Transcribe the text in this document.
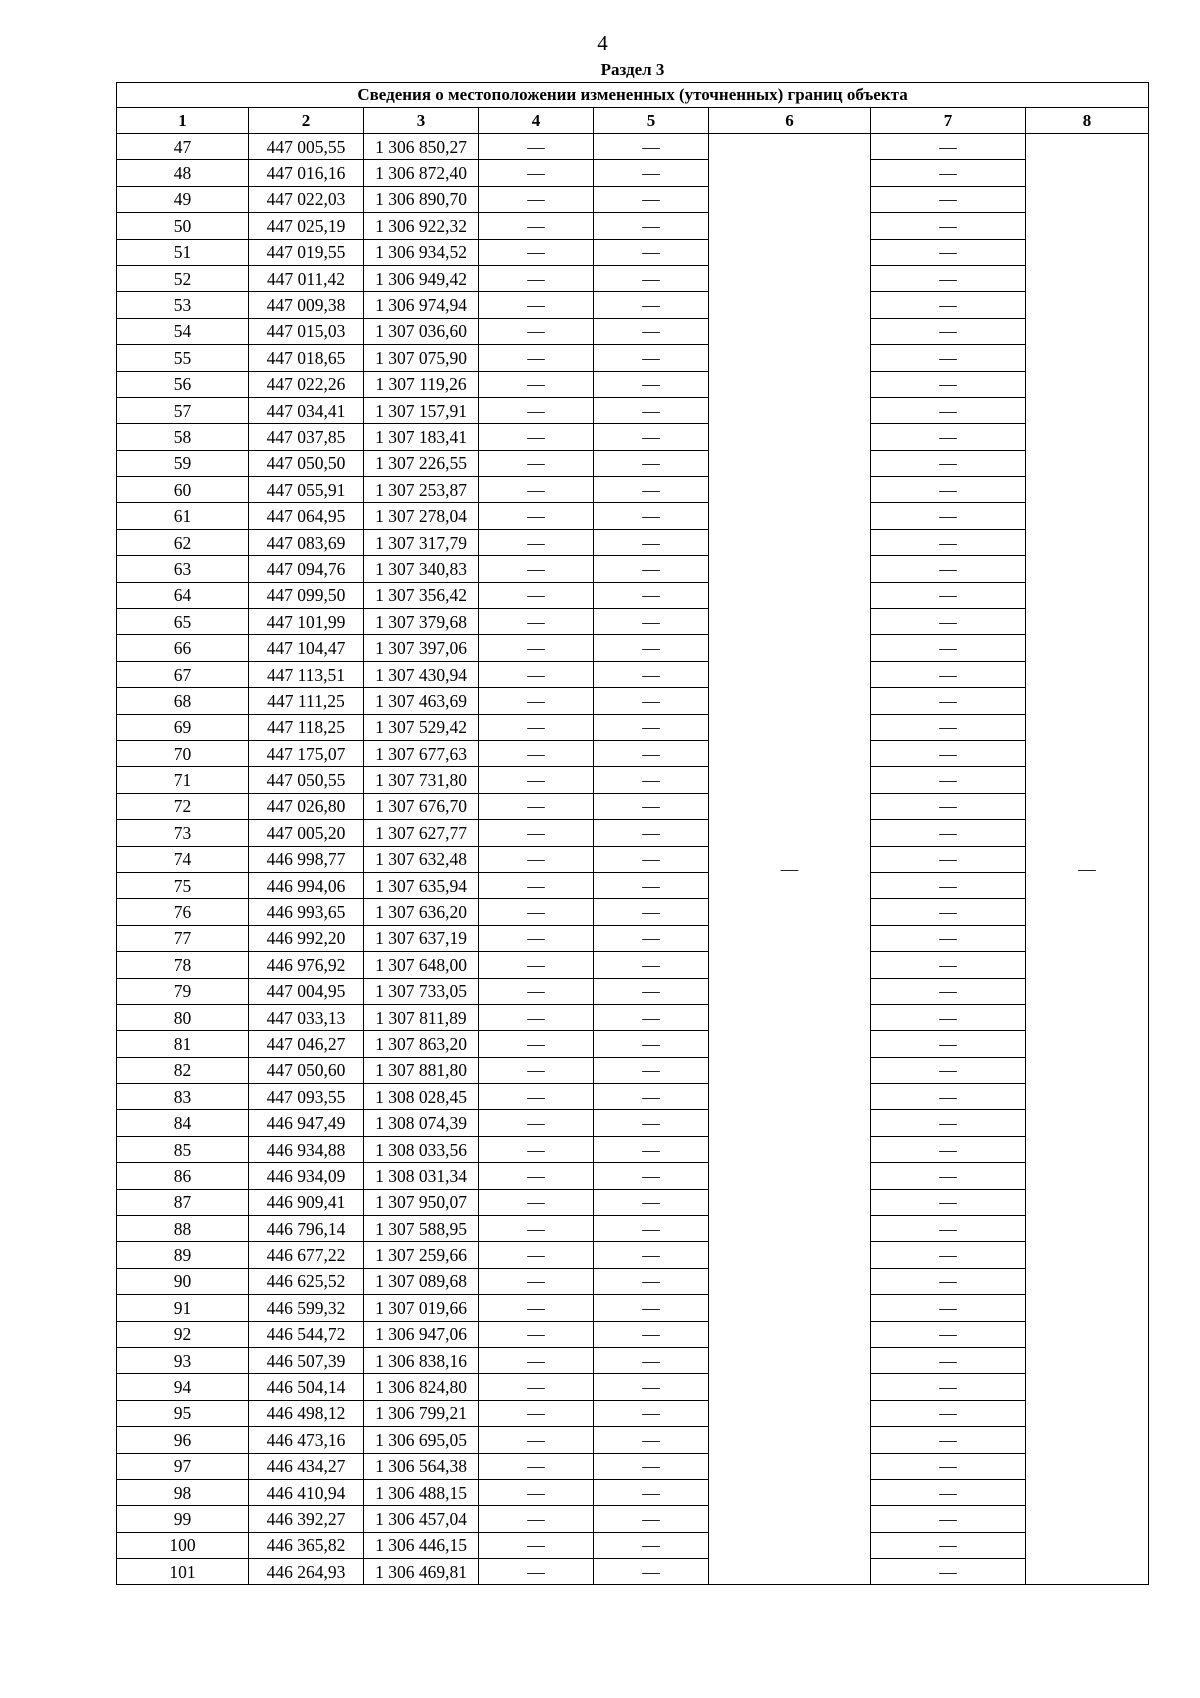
4
Раздел 3
Сведения о местоположении измененных (уточненных) границ объекта							
1	2	3	4	5	6	7	8
47	447 005,55	1 306 850,27	—	—	—	—	—
48	447 016,16	1 306 872,40	—	—		—	
49	447 022,03	1 306 890,70	—	—		—	
50	447 025,19	1 306 922,32	—	—		—	
51	447 019,55	1 306 934,52	—	—		—	
52	447 011,42	1 306 949,42	—	—		—	
53	447 009,38	1 306 974,94	—	—		—	
54	447 015,03	1 307 036,60	—	—		—	
55	447 018,65	1 307 075,90	—	—		—	
56	447 022,26	1 307 119,26	—	—		—	
57	447 034,41	1 307 157,91	—	—		—	
58	447 037,85	1 307 183,41	—	—		—	
59	447 050,50	1 307 226,55	—	—		—	
60	447 055,91	1 307 253,87	—	—		—	
61	447 064,95	1 307 278,04	—	—		—	
62	447 083,69	1 307 317,79	—	—		—	
63	447 094,76	1 307 340,83	—	—		—	
64	447 099,50	1 307 356,42	—	—		—	
65	447 101,99	1 307 379,68	—	—		—	
66	447 104,47	1 307 397,06	—	—		—	
67	447 113,51	1 307 430,94	—	—		—	
68	447 111,25	1 307 463,69	—	—		—	
69	447 118,25	1 307 529,42	—	—		—	
70	447 175,07	1 307 677,63	—	—		—	
71	447 050,55	1 307 731,80	—	—		—	
72	447 026,80	1 307 676,70	—	—		—	
73	447 005,20	1 307 627,77	—	—		—	
74	446 998,77	1 307 632,48	—	—		—	
75	446 994,06	1 307 635,94	—	—		—	
76	446 993,65	1 307 636,20	—	—		—	
77	446 992,20	1 307 637,19	—	—		—	
78	446 976,92	1 307 648,00	—	—		—	
79	447 004,95	1 307 733,05	—	—		—	
80	447 033,13	1 307 811,89	—	—		—	
81	447 046,27	1 307 863,20	—	—		—	
82	447 050,60	1 307 881,80	—	—		—	
83	447 093,55	1 308 028,45	—	—		—	
84	446 947,49	1 308 074,39	—	—		—	
85	446 934,88	1 308 033,56	—	—		—	
86	446 934,09	1 308 031,34	—	—		—	
87	446 909,41	1 307 950,07	—	—		—	
88	446 796,14	1 307 588,95	—	—		—	
89	446 677,22	1 307 259,66	—	—		—	
90	446 625,52	1 307 089,68	—	—		—	
91	446 599,32	1 307 019,66	—	—		—	
92	446 544,72	1 306 947,06	—	—		—	
93	446 507,39	1 306 838,16	—	—		—	
94	446 504,14	1 306 824,80	—	—		—	
95	446 498,12	1 306 799,21	—	—		—	
96	446 473,16	1 306 695,05	—	—		—	
97	446 434,27	1 306 564,38	—	—		—	
98	446 410,94	1 306 488,15	—	—		—	
99	446 392,27	1 306 457,04	—	—		—	
100	446 365,82	1 306 446,15	—	—		—	
101	446 264,93	1 306 469,81	—	—		—	
